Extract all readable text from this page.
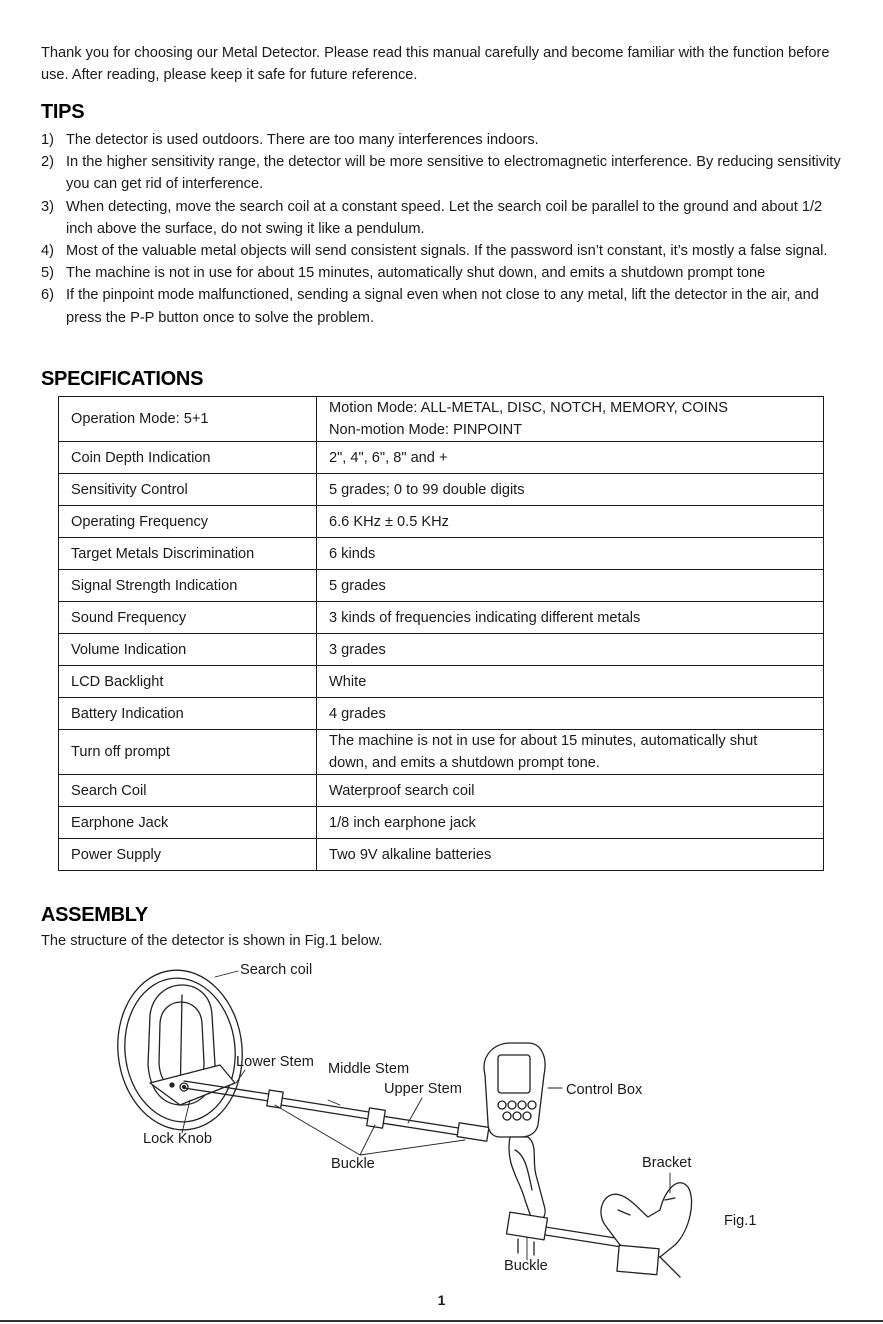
Thank you for choosing our Metal Detector. Please read this manual carefully and become familiar with the function before use. After reading, please keep it safe for future reference.

TIPS
1) The detector is used outdoors. There are too many interferences indoors.
2) In the higher sensitivity range, the detector will be more sensitive to electromagnetic interference. By reducing sensitivity you can get rid of interference.
3) When detecting, move the search coil at a constant speed. Let the search coil be parallel to the ground and about 1/2 inch above the surface, do not swing it like a pendulum.
4) Most of the valuable metal objects will send consistent signals. If the password isn’t constant, it’s mostly a false signal.
5) The machine is not in use for about 15 minutes, automatically shut down, and emits a shutdown prompt tone
6) If the pinpoint mode malfunctioned, sending a signal even when not close to any metal, lift the detector in the air, and press the P-P button once to solve the problem.
SPECIFICATIONS
Operation Mode: 5+1	Motion Mode: ALL-METAL, DISC, NOTCH, MEMORY, COINS
Non-motion Mode: PINPOINT

Coin Depth Indication	2", 4", 6", 8" and +
Sensitivity Control	5 grades; 0 to 99 double digits
Operating Frequency	6.6 KHz ± 0.5 KHz
Target Metals Discrimination	6 kinds
Signal Strength Indication	5 grades
Sound Frequency	3 kinds of frequencies indicating different metals
Volume Indication	3 grades
LCD Backlight	White
Battery Indication	4 grades
Turn off prompt	The machine is not in use for about 15 minutes, automatically shut
down, and emits a shutdown prompt tone.

Search Coil	Waterproof search coil
Earphone Jack	1/8 inch earphone jack
Power Supply	Two 9V alkaline batteries
ASSEMBLY
The structure of the detector is shown in Fig.1 below.
Search coil
Lower Stem Middle Stem
Upper Stem	Control Box
Lock Knob
Buckle	Bracket
Fig.1
Buckle
1
